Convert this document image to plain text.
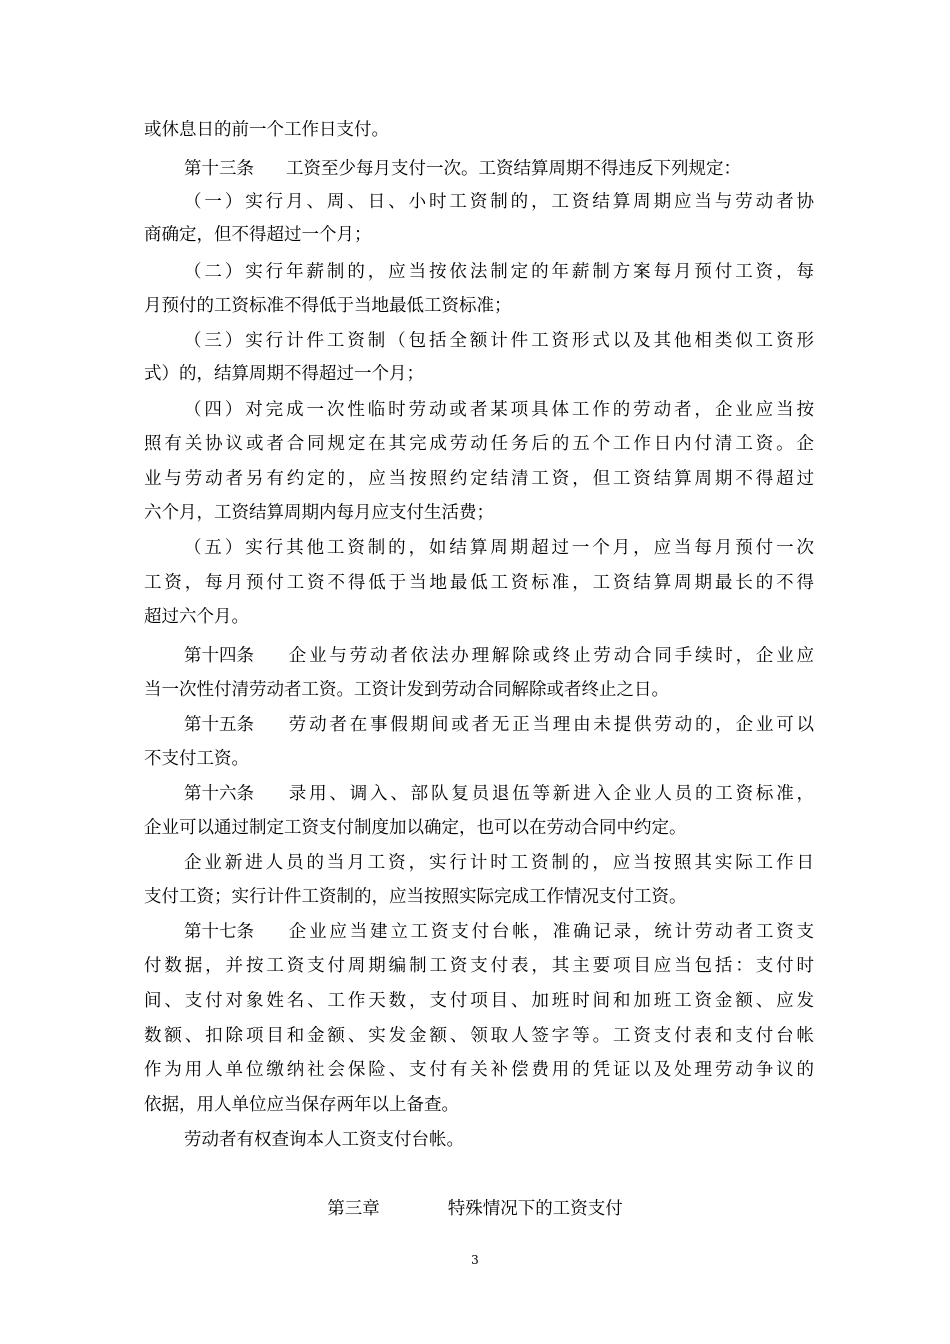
或休息日的前一个工作日支付。
第十三条 工资至少每月支付一次。工资结算周期不得违反下列规定：
（一）实行月、周、日、小时工资制的，工资结算周期应当与劳动者协
商确定，但不得超过一个月；
（二）实行年薪制的，应当按依法制定的年薪制方案每月预付工资，每
月预付的工资标准不得低于当地最低工资标准；
（三）实行计件工资制（包括全额计件工资形式以及其他相类似工资形
式）的，结算周期不得超过一个月；
（四）对完成一次性临时劳动或者某项具体工作的劳动者，企业应当按
照有关协议或者合同规定在其完成劳动任务后的五个工作日内付清工资。企
业与劳动者另有约定的，应当按照约定结清工资，但工资结算周期不得超过
六个月，工资结算周期内每月应支付生活费；
（五）实行其他工资制的，如结算周期超过一个月，应当每月预付一次
工资，每月预付工资不得低于当地最低工资标准，工资结算周期最长的不得
超过六个月。
第十四条 企业与劳动者依法办理解除或终止劳动合同手续时，企业应
当一次性付清劳动者工资。工资计发到劳动合同解除或者终止之日。
第十五条 劳动者在事假期间或者无正当理由未提供劳动的，企业可以
不支付工资。
第十六条 录用、调入、部队复员退伍等新进入企业人员的工资标准，
企业可以通过制定工资支付制度加以确定，也可以在劳动合同中约定。
企业新进人员的当月工资，实行计时工资制的，应当按照其实际工作日
支付工资；实行计件工资制的，应当按照实际完成工作情况支付工资。
第十七条 企业应当建立工资支付台帐，准确记录，统计劳动者工资支
付数据，并按工资支付周期编制工资支付表，其主要项目应当包括：支付时
间、支付对象姓名、工作天数，支付项目、加班时间和加班工资金额、应发
数额、扣除项目和金额、实发金额、领取人签字等。工资支付表和支付台帐
作为用人单位缴纳社会保险、支付有关补偿费用的凭证以及处理劳动争议的
依据，用人单位应当保存两年以上备查。
劳动者有权查询本人工资支付台帐。
第三章	特殊情况下的工资支付
3
